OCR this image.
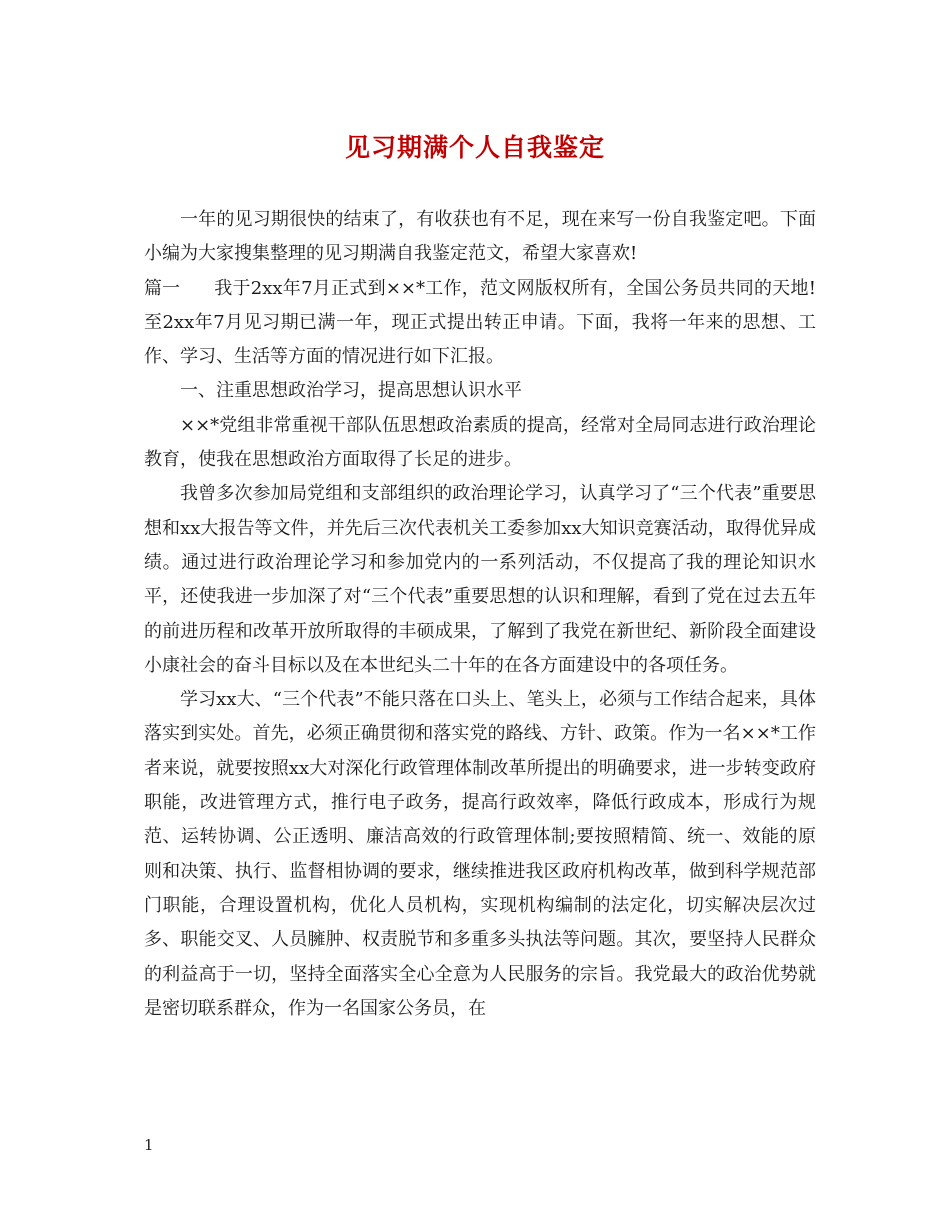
见习期满个人自我鉴定

一年的见习期很快的结束了，有收获也有不足，现在来写一份自我鉴定吧。下面小编为大家搜集整理的见习期满自我鉴定范文，希望大家喜欢!

篇一 我于2xx年7月正式到××*工作，范文网版权所有，全国公务员共同的天地!至2xx年7月见习期已满一年，现正式提出转正申请。下面，我将一年来的思想、工作、学习、生活等方面的情况进行如下汇报。

一、注重思想政治学习，提高思想认识水平

××*党组非常重视干部队伍思想政治素质的提高，经常对全局同志进行政治理论教育，使我在思想政治方面取得了长足的进步。

我曾多次参加局党组和支部组织的政治理论学习，认真学习了“三个代表”重要思想和xx大报告等文件，并先后三次代表机关工委参加xx大知识竞赛活动，取得优异成绩。通过进行政治理论学习和参加党内的一系列活动，不仅提高了我的理论知识水平，还使我进一步加深了对“三个代表”重要思想的认识和理解，看到了党在过去五年的前进历程和改革开放所取得的丰硕成果，了解到了我党在新世纪、新阶段全面建设小康社会的奋斗目标以及在本世纪头二十年的在各方面建设中的各项任务。

学习xx大、“三个代表”不能只落在口头上、笔头上，必须与工作结合起来，具体落实到实处。首先，必须正确贯彻和落实党的路线、方针、政策。作为一名××*工作者来说，就要按照xx大对深化行政管理体制改革所提出的明确要求，进一步转变政府职能，改进管理方式，推行电子政务，提高行政效率，降低行政成本，形成行为规范、运转协调、公正透明、廉洁高效的行政管理体制;要按照精简、统一、效能的原则和决策、执行、监督相协调的要求，继续推进我区政府机构改革，做到科学规范部门职能，合理设置机构，优化人员机构，实现机构编制的法定化，切实解决层次过多、职能交叉、人员臃肿、权责脱节和多重多头执法等问题。其次，要坚持人民群众的利益高于一切，坚持全面落实全心全意为人民服务的宗旨。我党最大的政治优势就是密切联系群众，作为一名国家公务员，在

1
